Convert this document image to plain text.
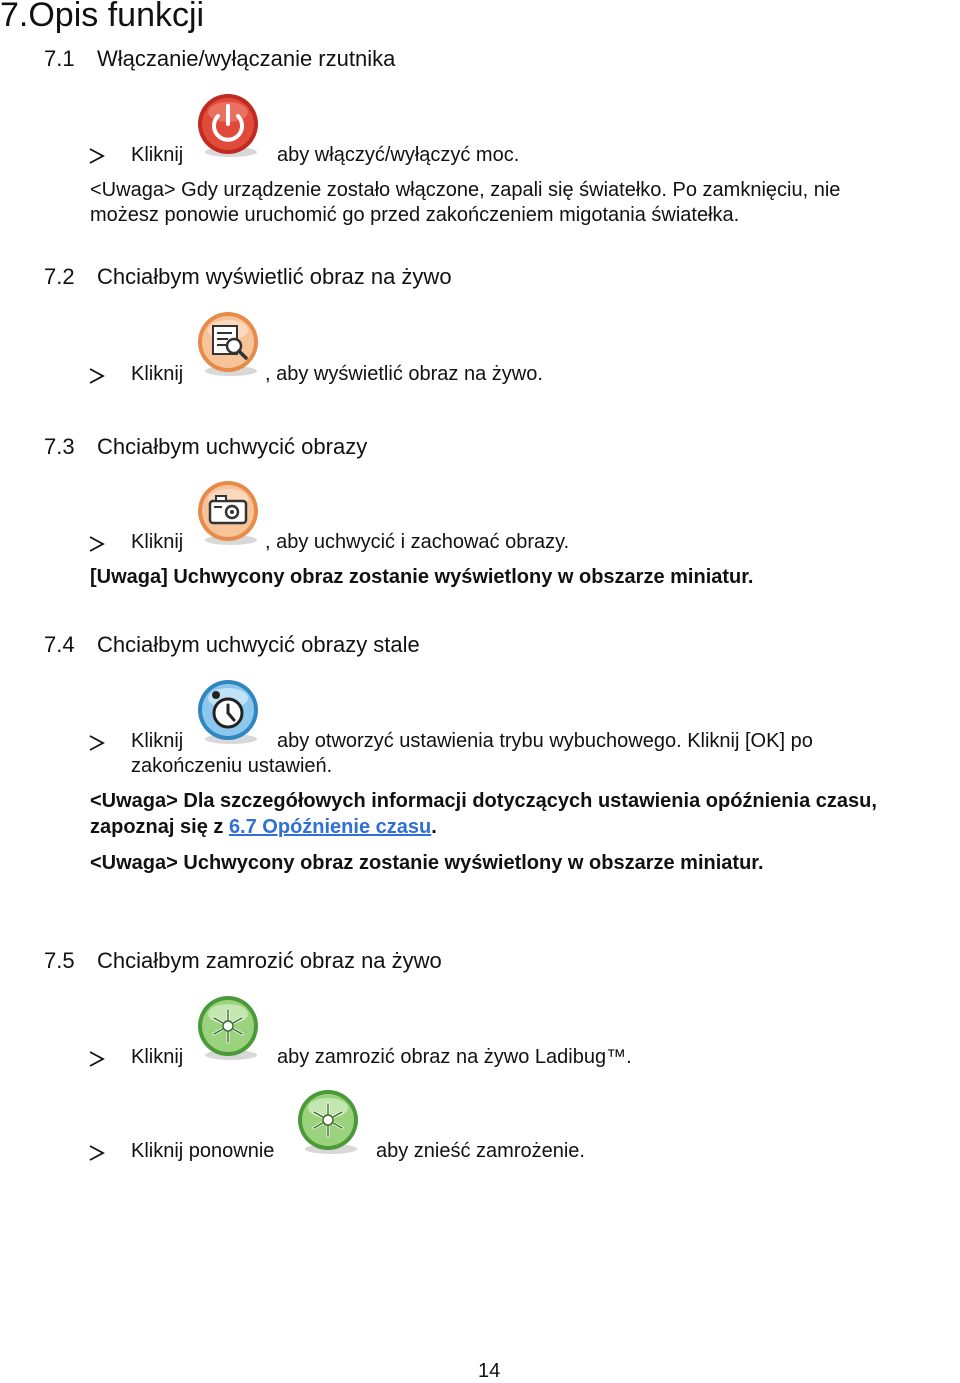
7.Opis funkcji
7.1 Włączanie/wyłączanie rzutnika
Kliknij	aby włączyć/wyłączyć moc.
<Uwaga> Gdy urządzenie zostało włączone, zapali się światełko. Po zamknięciu, nie
możesz ponowie uruchomić go przed zakończeniem migotania światełka.
7.2 Chciałbym wyświetlić obraz na żywo
Kliknij	, aby wyświetlić obraz na żywo.
7.3 Chciałbym uchwycić obrazy
Kliknij	, aby uchwycić i zachować obrazy.
[Uwaga] Uchwycony obraz zostanie wyświetlony w obszarze miniatur.
7.4 Chciałbym uchwycić obrazy stale
Kliknij	aby otworzyć ustawienia trybu wybuchowego. Kliknij [OK] po
zakończeniu ustawień.
<Uwaga> Dla szczegółowych informacji dotyczących ustawienia opóźnienia czasu,
zapoznaj się z 6.7 Opóźnienie czasu.
<Uwaga> Uchwycony obraz zostanie wyświetlony w obszarze miniatur.
7.5 Chciałbym zamrozić obraz na żywo
Kliknij	aby zamrozić obraz na żywo Ladibug™.
Kliknij ponownie	aby znieść zamrożenie.
14
